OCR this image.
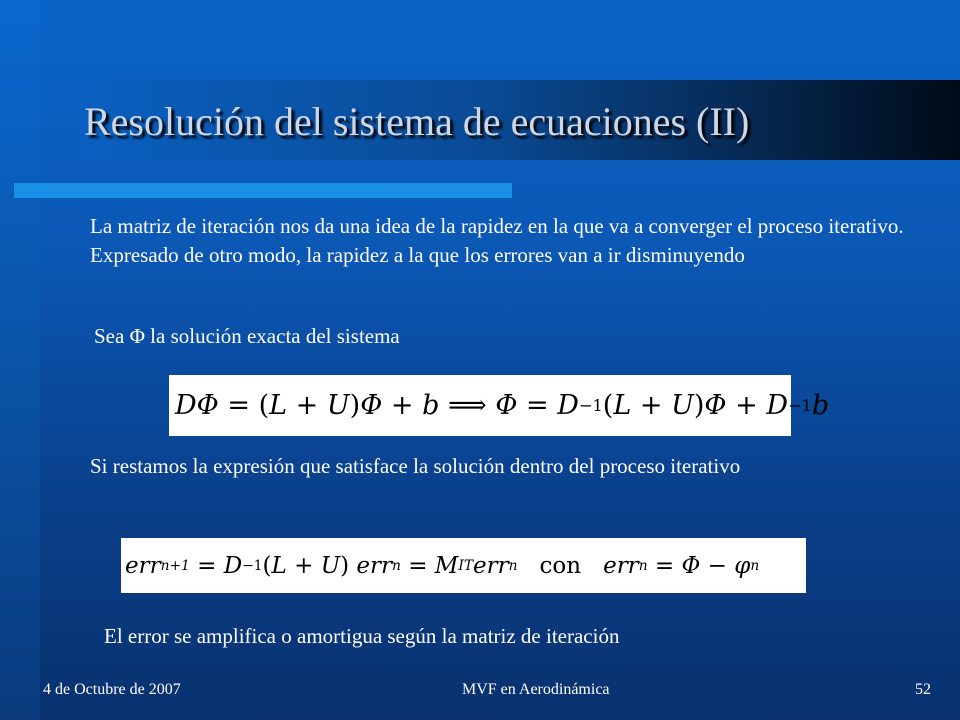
Resolución del sistema de ecuaciones (II)
La matriz de iteración nos da una idea de la rapidez en la que va a converger el proceso iterativo. Expresado de otro modo, la rapidez a la que los errores van a ir disminuyendo
Sea Φ la solución exacta del sistema
DΦ
=
( L + U ) Φ + b ⟹ Φ = D −1 ( L + U ) Φ + D −1 b
Si restamos la expresión que satisface la solución dentro del proceso iterativo
err n+1
= D −1 ( L + U ) err n
= M IT err n con err n
= Φ − φ n
El error se amplifica o amortigua según la matriz de iteración
4 de Octubre de 2007	MVF en Aerodinámica	52
